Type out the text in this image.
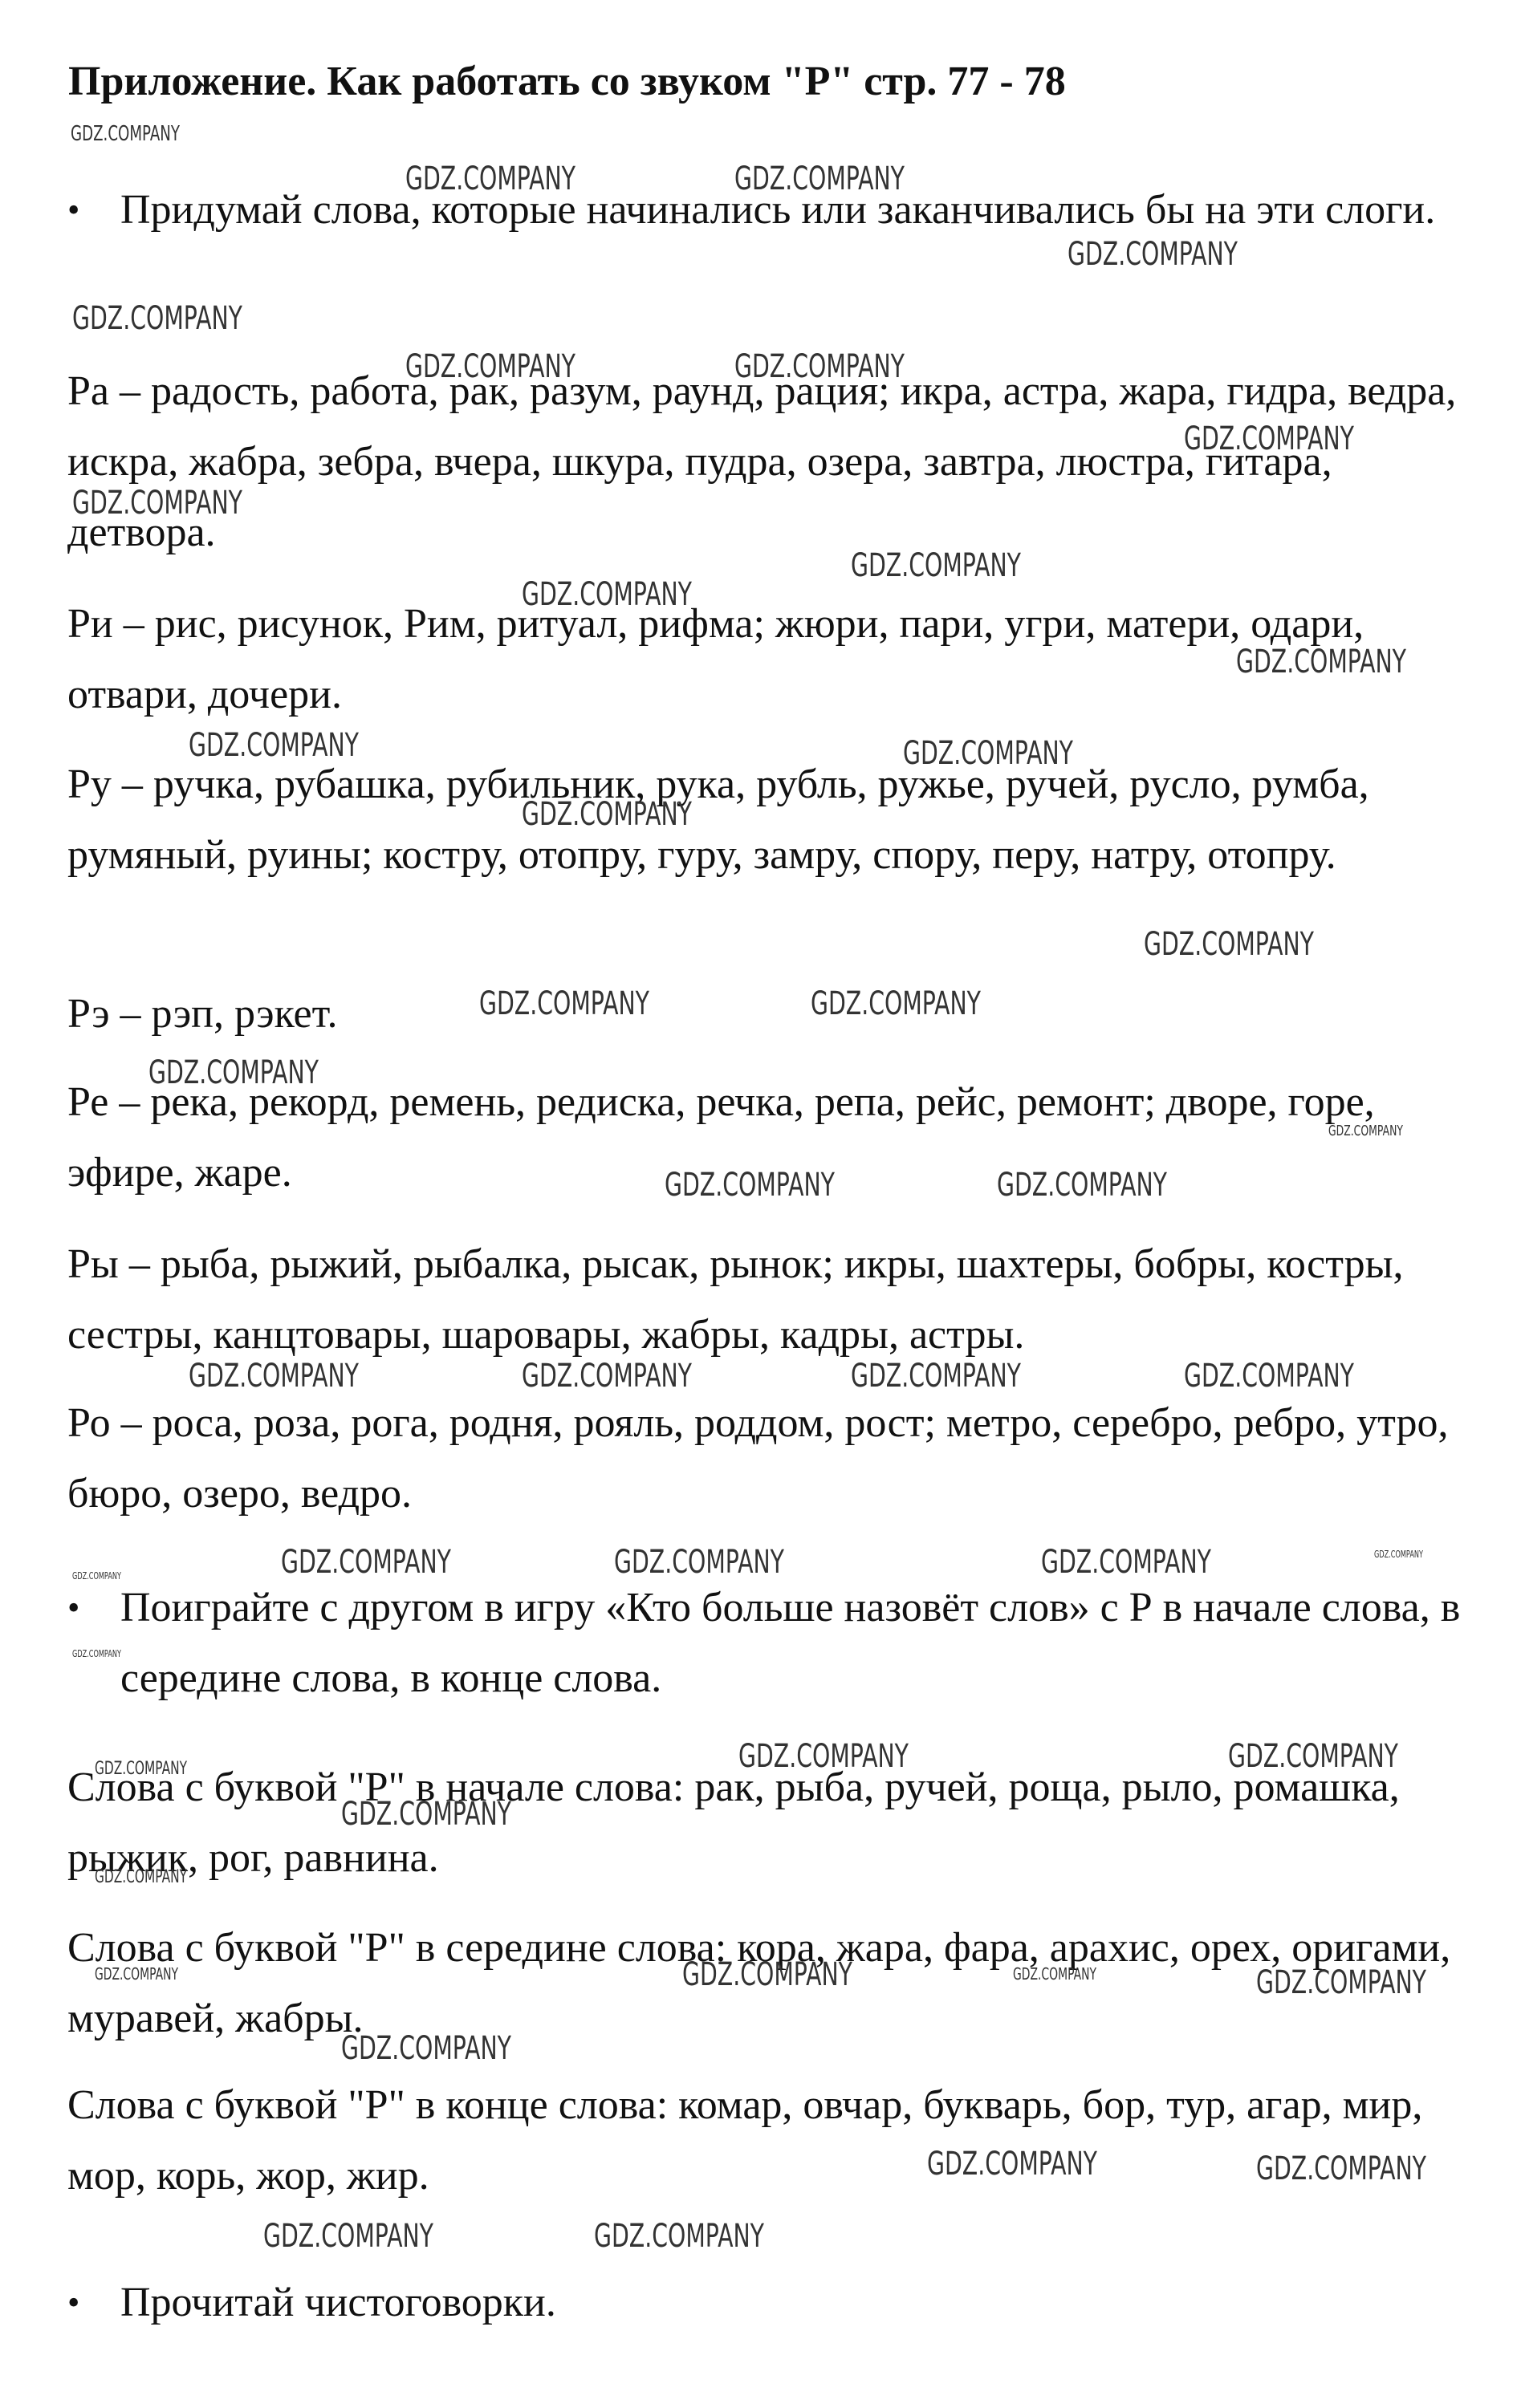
Приложение. Как работать со звуком "Р" стр. 77 - 78
• Придумай слова, которые начинались или заканчивались бы на эти слоги.

Ра – радость, работа, рак, разум, раунд, рация; икра, астра, жара, гидра, ведра, искра, жабра, зебра, вчера, шкура, пудра, озера, завтра, люстра, гитара, детвора.

Ри – рис, рисунок, Рим, ритуал, рифма; жюри, пари, угри, матери, одари, отвари, дочери.

Ру – ручка, рубашка, рубильник, рука, рубль, ружье, ручей, русло, румба, румяный, руины; костру, отопру, гуру, замру, спору, перу, натру, отопру.

Рэ – рэп, рэкет.

Ре – река, рекорд, ремень, редиска, речка, репа, рейс, ремонт; дворе, горе, эфире, жаре.

Ры – рыба, рыжий, рыбалка, рысак, рынок; икры, шахтеры, бобры, костры, сестры, канцтовары, шаровары, жабры, кадры, астры.

Ро – роса, роза, рога, родня, рояль, роддом, рост; метро, серебро, ребро, утро, бюро, озеро, ведро.

• Поиграйте с другом в игру «Кто больше назовёт слов» с Р в начале слова, в середине слова, в конце слова.

Слова с буквой "Р" в начале слова: рак, рыба, ручей, роща, рыло, ромашка, рыжик, рог, равнина.

Слова с буквой "Р" в середине слова: кора, жара, фара, арахис, орех, оригами, муравей, жабры.

Слова с буквой "Р" в конце слова: комар, овчар, букварь, бор, тур, агар, мир, мор, корь, жор, жир.

• Прочитай чистоговорки.
GDZ.COMPANY
GDZ.COMPANY	GDZ.COMPANY
GDZ.COMPANY
GDZ.COMPANY
GDZ.COMPANY	GDZ.COMPANY
GDZ.COMPANY
GDZ.COMPANY
GDZ.COMPANY
GDZ.COMPANY
GDZ.COMPANY
GDZ.COMPANY	GDZ.COMPANY
GDZ.COMPANY
GDZ.COMPANY
GDZ.COMPANY	GDZ.COMPANY
GDZ.COMPANY
GDZ.COMPANY
GDZ.COMPANY	GDZ.COMPANY
GDZ.COMPANY	GDZ.COMPANY	GDZ.COMPANY	GDZ.COMPANY
GDZ.COMPANY	GDZ.COMPANY	GDZ.COMPANY	GDZ.COMPANY	GDZ.COMPANY
GDZ.COMPANY
GDZ.COMPANY	GDZ.COMPANY	GDZ.COMPANY
GDZ.COMPANY
GDZ.COMPANY
GDZ.COMPANY	GDZ.COMPANY	GDZ.COMPANY	GDZ.COMPANY
GDZ.COMPANY
GDZ.COMPANY	GDZ.COMPANY
GDZ.COMPANY	GDZ.COMPANY
